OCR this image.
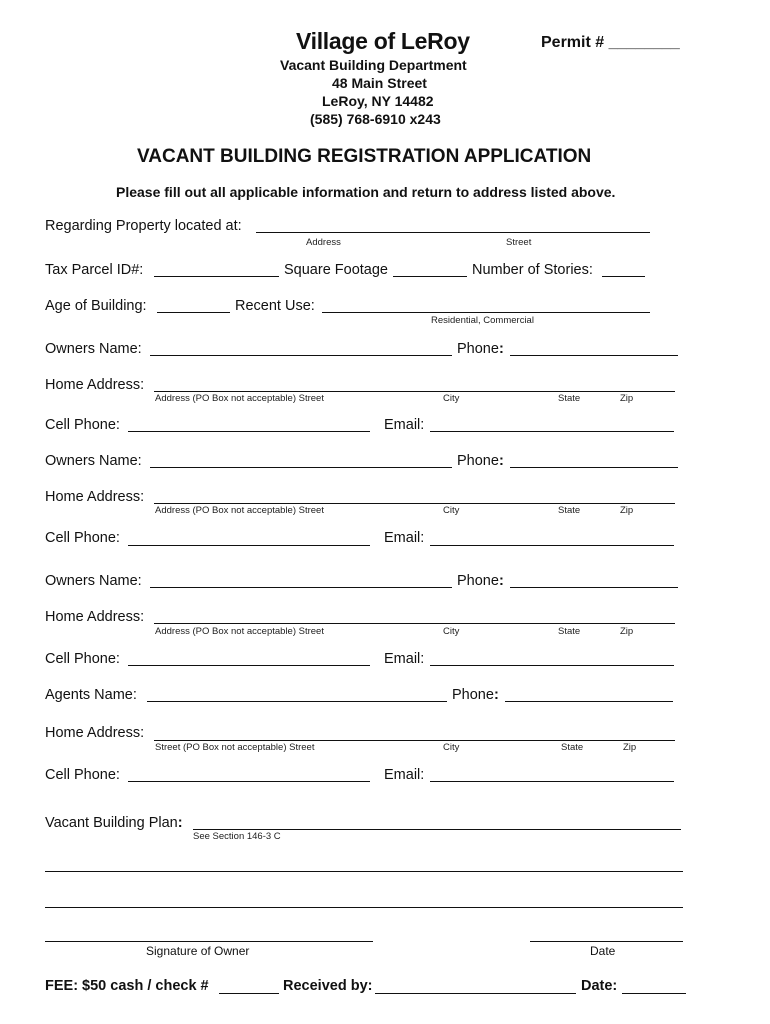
Village of LeRoy	Permit # ________
Vacant Building Department
48 Main Street
LeRoy, NY 14482
(585) 768-6910 x243
VACANT BUILDING REGISTRATION APPLICATION
Please fill out all applicable information and return to address listed above.
Regarding Property located at:
Address	Street
Tax Parcel ID#:	Square Footage	Number of Stories:
Age of Building:	Recent Use:
Residential, Commercial
Owners Name:	Phone:
Home Address:
Address (PO Box not acceptable) Street	City	State	Zip
Cell Phone:	Email:
Owners Name:	Phone:
Home Address:
Address (PO Box not acceptable) Street	City	State	Zip
Cell Phone:	Email:
Owners Name:	Phone:
Home Address:
Address (PO Box not acceptable) Street	City	State	Zip
Cell Phone:	Email:
Agents Name:	Phone:
Home Address:
Street (PO Box not acceptable) Street	City	State	Zip
Cell Phone:	Email:
Vacant Building Plan:
See Section 146-3 C
Signature of Owner	Date
FEE: $50 cash / check #	Received by:	Date:
